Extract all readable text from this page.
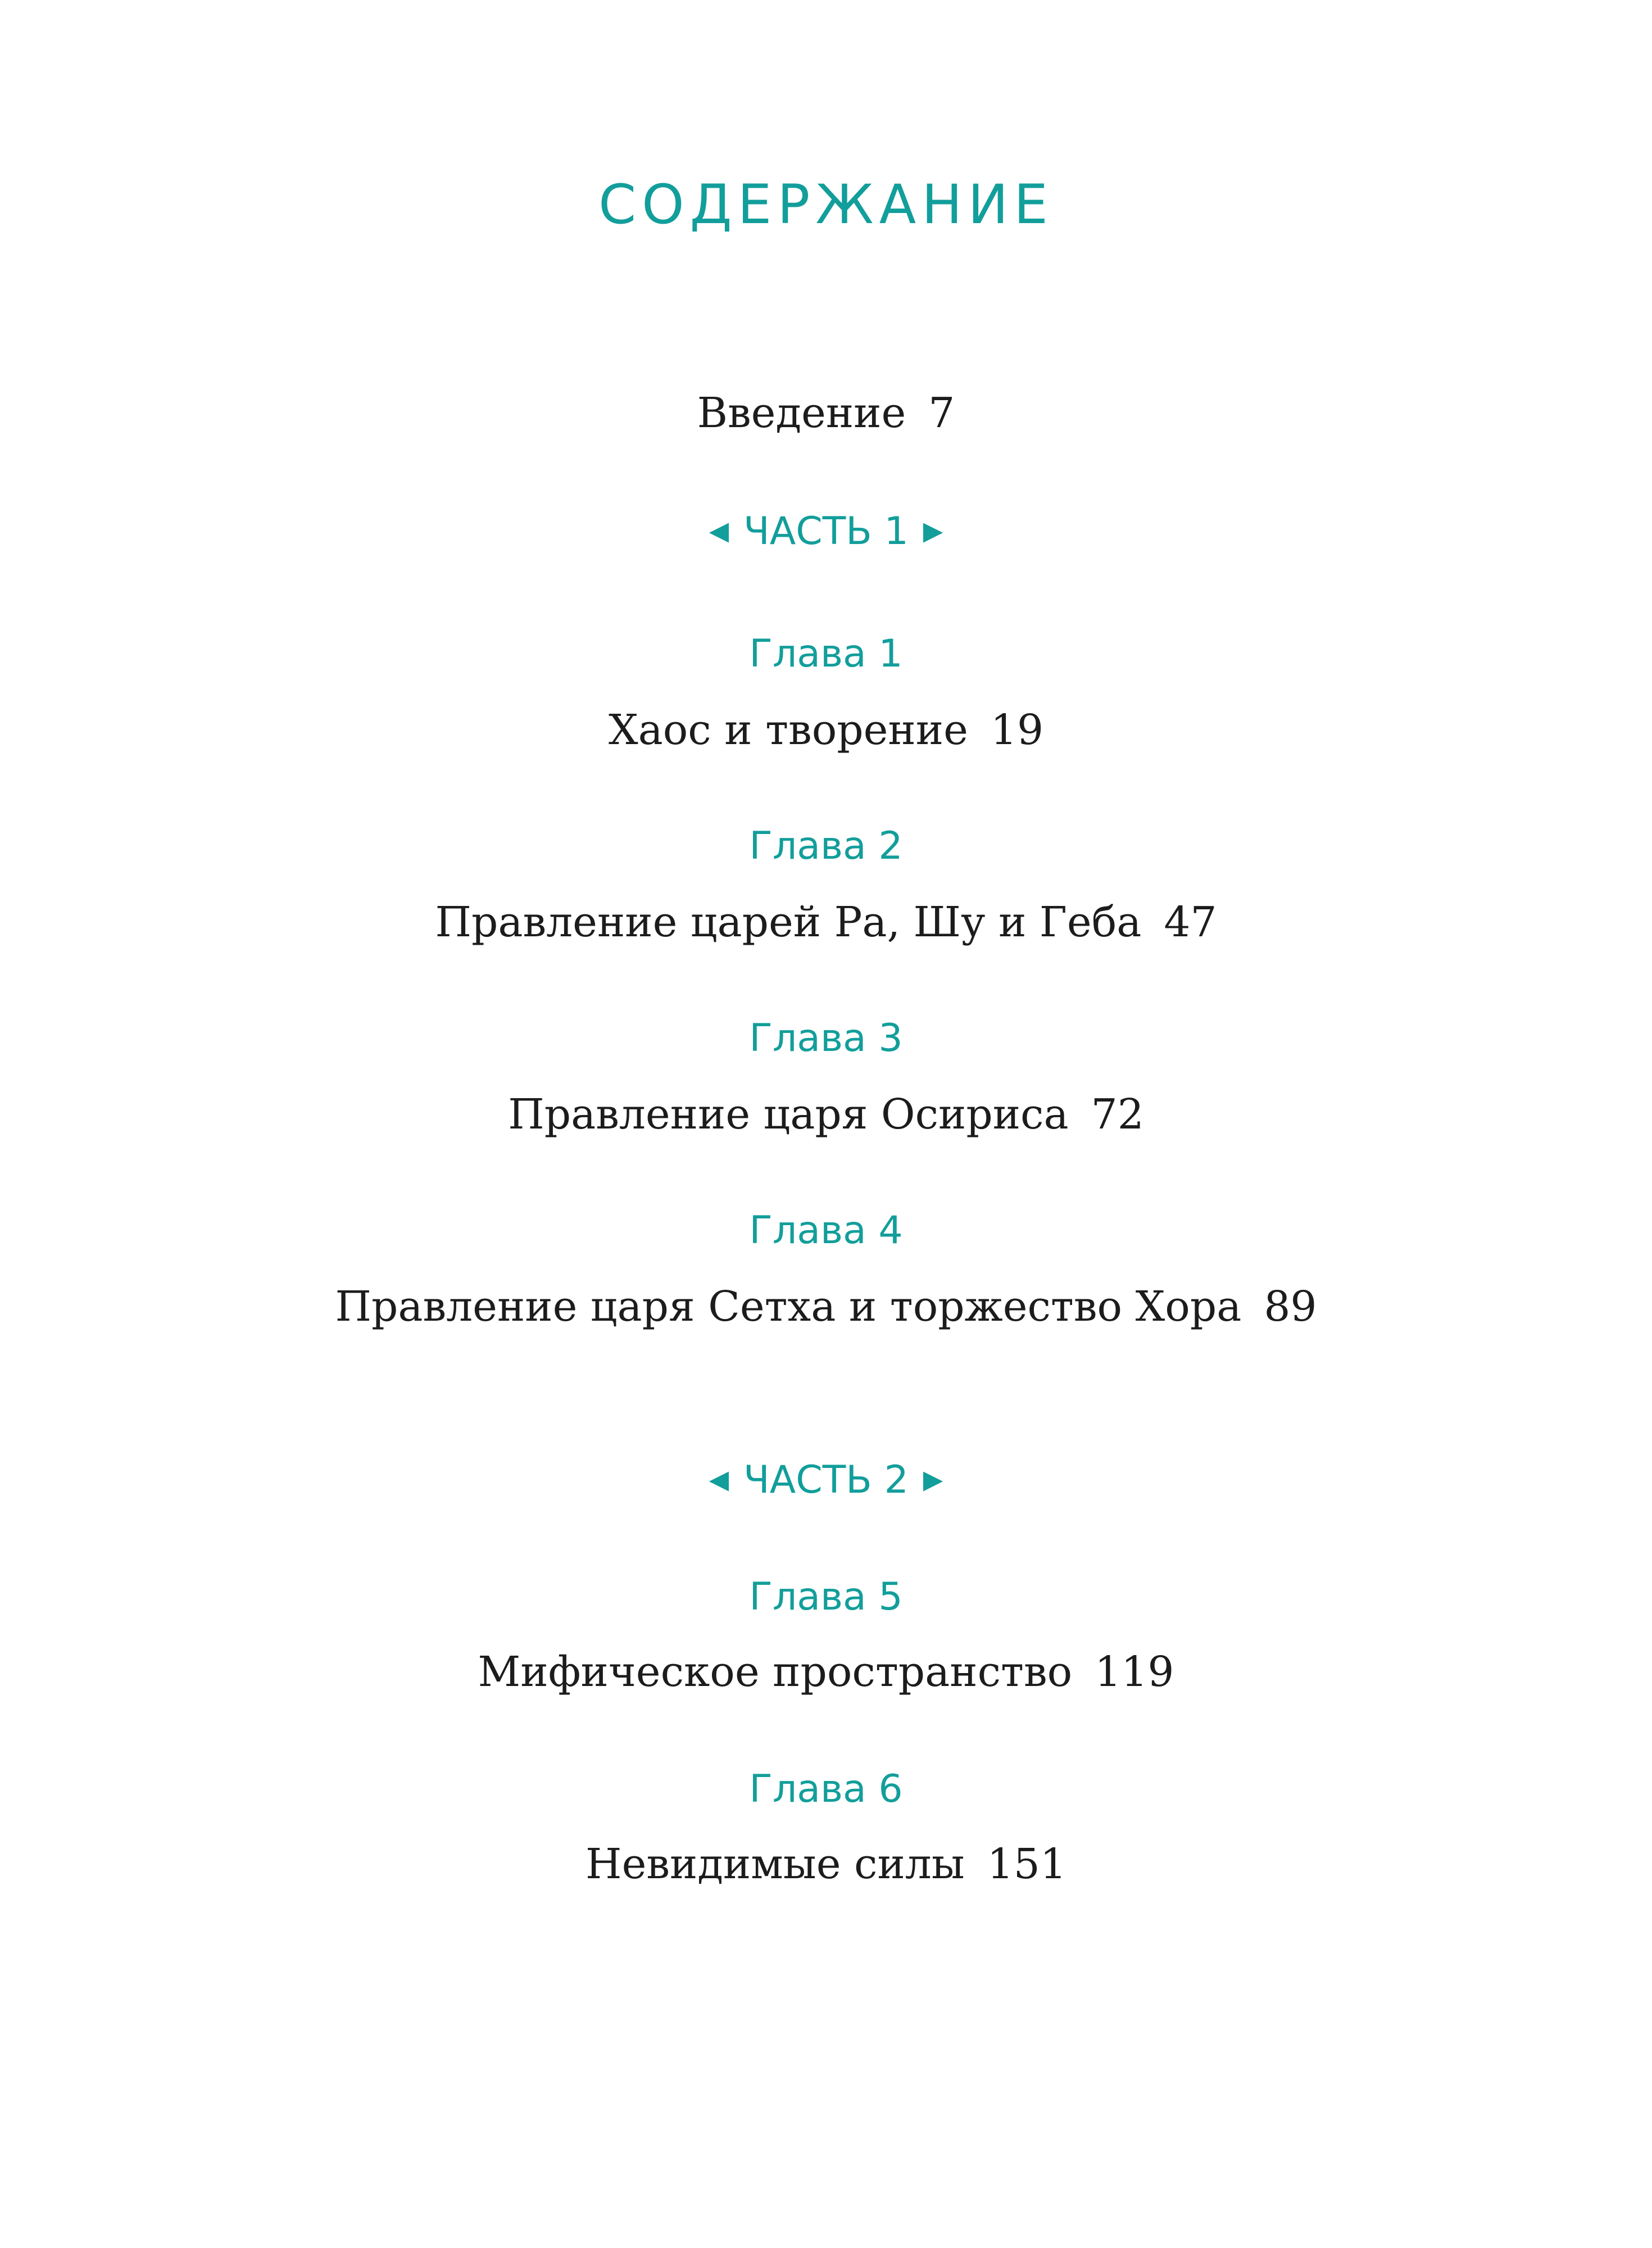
СОДЕРЖАНИЕ
Введение 7
◀ ЧАСТЬ 1 ▶
Глава 1
Хаос и творение 19
Глава 2
Правление царей Ра, Шу и Геба 47
Глава 3
Правление царя Осириса 72
Глава 4
Правление царя Сетха и торжество Хора 89
◀ ЧАСТЬ 2 ▶
Глава 5
Мифическое пространство 119
Глава 6
Невидимые силы 151
